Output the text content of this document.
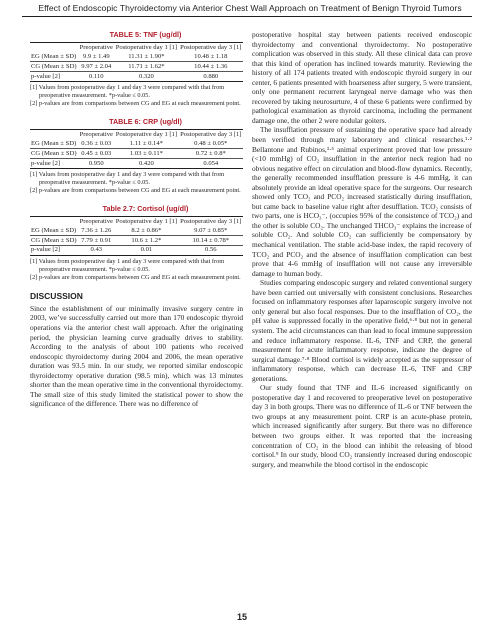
Effect of Endoscopic Thyroidectomy via Anterior Chest Wall Approach on Treatment of Benign Thyroid Tumors
TABLE 5: TNF (ug/dl)
	Preoperative	Postoperative day 1 [1]	Postoperative day 3 [1]
EG (Mean ± SD)	9.9 ± 1.49	11.31 ± 1.90*	10.48 ± 1.18
CG (Mean ± SD)	9.97 ± 2.04	11.71 ± 1.62*	10.44 ± 1.36
p-value [2]	0.110	0.320	0.880

[1] Values from postoperative day 1 and day 3 were compared with that from preoperative measurement. *p-value ≤ 0.05.

[2] p-values are from comparisons between CG and EG at each measurement point.

TABLE 6: CRP (ug/dl)
	Preoperative	Postoperative day 1 [1]	Postoperative day 3 [1]
EG (Mean ± SD)	0.36 ± 0.03	1.11 ± 0.14*	0.48 ± 0.05*
CG (Mean ± SD)	0.45 ± 0.03	1.03 ± 0.11*	0.72 ± 0.8*
p-value [2]	0.950	0.420	0.054

[1] Values from postoperative day 1 and day 3 were compared with that from preoperative measurement. *p-value ≤ 0.05.

[2] p-values are from comparisons between CG and EG at each measurement point.

Table 2.7: Cortisol (ug/dl)
	Preoperative	Postoperative day 1 [1]	Postoperative day 3 [1]
EG (Mean ± SD)	7.36 ± 1.26	8.2 ± 0.86*	9.07 ± 0.85*
CG (Mean ± SD)	7.79 ± 0.91	10.6 ± 1.2*	10.14 ± 0.78*
p-value [2]	0.43	0.01	0.56

[1] Values from postoperative day 1 and day 3 were compared with that from preoperative measurement. *p-value ≤ 0.05.

[2] p-values are from comparisons between CG and EG at each measurement point.

DISCUSSION

Since the establishment of our minimally invasive surgery centre in 2003, we’ve successfully carried out more than 170 endoscopic thyroid operations via the anterior chest wall approach. After the originating period, the physician learning curve gradually drives to stability. According to the analysis of about 100 patients who received endoscopic thyroidectomy during 2004 and 2006, the mean operative duration was 93.5 min. In our study, we reported similar endoscopic thyroidectomy operative duration (98.5 min), which was 13 minutes shorter than the mean operative time in the conventional thyroidectomy. The small size of this study limited the statistical power to show the significance of the difference. There was no difference of

postoperative hospital stay between patients received endoscopic thyroidectomy and conventional thyroidectomy. No postoperative complication was observed in this study. All these clinical data can prove that this kind of operation has inclined towards maturity. Reviewing the history of all 174 patients treated with endoscopic thyroid surgery in our center, 6 patients presented with hoarseness after surgery, 5 were transient, only one permanent recurrent laryngeal nerve damage who was then recovered by taking neurosurture, 4 of these 6 patients were confirmed by pathological examination as thyroid carcinoma, including the permanent damage one, the other 2 were nodular goiters.

The insufflation pressure of sustaining the operative space had already been verified through many laboratory and clinical researches.¹·² Bellantone and Rubinos,³·⁵ animal experiment proved that low pressure (<10 mmHg) of CO₂ insufflation in the anterior neck region had no obvious negative effect on circulation and blood-flow dynamics. Recently, the generally recommended insufflation pressure is 4-6 mmHg, it can absolutely provide an ideal operative space for the surgeons. Our research showed only TCO₂ and PCO₂ increased statistically during insufflation, but came back to baseline value right after desufflation. TCO₂ consists of two parts, one is HCO₃⁻, (occupies 95% of the consistence of TCO₂) and the other is soluble CO₂. The unchanged THCO₃⁻ explains the increase of soluble CO₂. And soluble CO₂ can sufficiently be compensatory by mechanical ventilation. The stable acid-base index, the rapid recovery of TCO₂ and PCO₂ and the absence of insufflation complication can best prove that 4-6 mmHg of insufflation will not cause any irreversible damage to human body.

Studies comparing endoscopic surgery and related conventional surgery have been carried out universally with consistent conclusions. Researches focused on inflammatory responses after laparoscopic surgery involve not only general but also focal responses. Due to the insufflation of CO₂, the pH value is suppressed focally in the operative field,⁶·⁸ but not in general system. The acid circumstances can than lead to focal immune suppression and reduce inflammatory response. IL-6, TNF and CRP, the general measurement for acute inflammatory response, indicate the degree of surgical damage.⁷·⁸ Blood cortisol is widely accepted as the suppressor of inflammatory response, which can decrease IL-6, TNF and CRP generations.

Our study found that TNF and IL-6 increased significantly on postoperative day 1 and recovered to preoperative level on postoperative day 3 in both groups. There was no difference of IL-6 or TNF between the two groups at any measurement point. CRP is an acute-phase protein, which increased significantly after surgery. But there was no difference between two groups either. It was reported that the increasing concentration of CO₂ in the blood can inhibit the releasing of blood cortisol.⁹ In our study, blood CO₂ transiently increased during endoscopic surgery, and meanwhile the blood cortisol in the endoscopic

15
